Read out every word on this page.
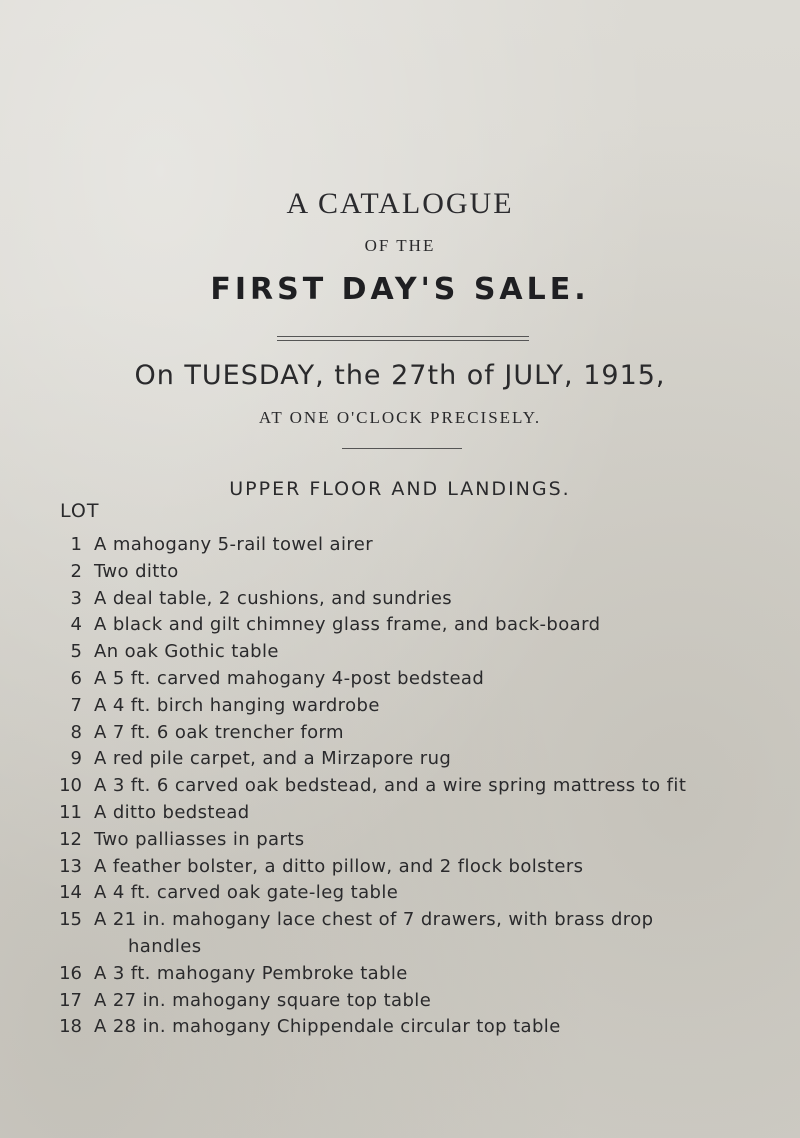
A CATALOGUE
OF THE
FIRST DAY'S SALE.
On TUESDAY, the 27th of JULY, 1915,
AT ONE O'CLOCK PRECISELY.
UPPER FLOOR AND LANDINGS.
LOT
1 A mahogany 5-rail towel airer
2 Two ditto
3 A deal table, 2 cushions, and sundries
4 A black and gilt chimney glass frame, and back-board
5 An oak Gothic table
6 A 5 ft. carved mahogany 4-post bedstead
7 A 4 ft. birch hanging wardrobe
8 A 7 ft. 6 oak trencher form
9 A red pile carpet, and a Mirzapore rug
10 A 3 ft. 6 carved oak bedstead, and a wire spring mattress to fit
11 A ditto bedstead
12 Two palliasses in parts
13 A feather bolster, a ditto pillow, and 2 flock bolsters
14 A 4 ft. carved oak gate-leg table
15 A 21 in. mahogany lace chest of 7 drawers, with brass drop
handles
16 A 3 ft. mahogany Pembroke table
17 A 27 in. mahogany square top table
18 A 28 in. mahogany Chippendale circular top table
